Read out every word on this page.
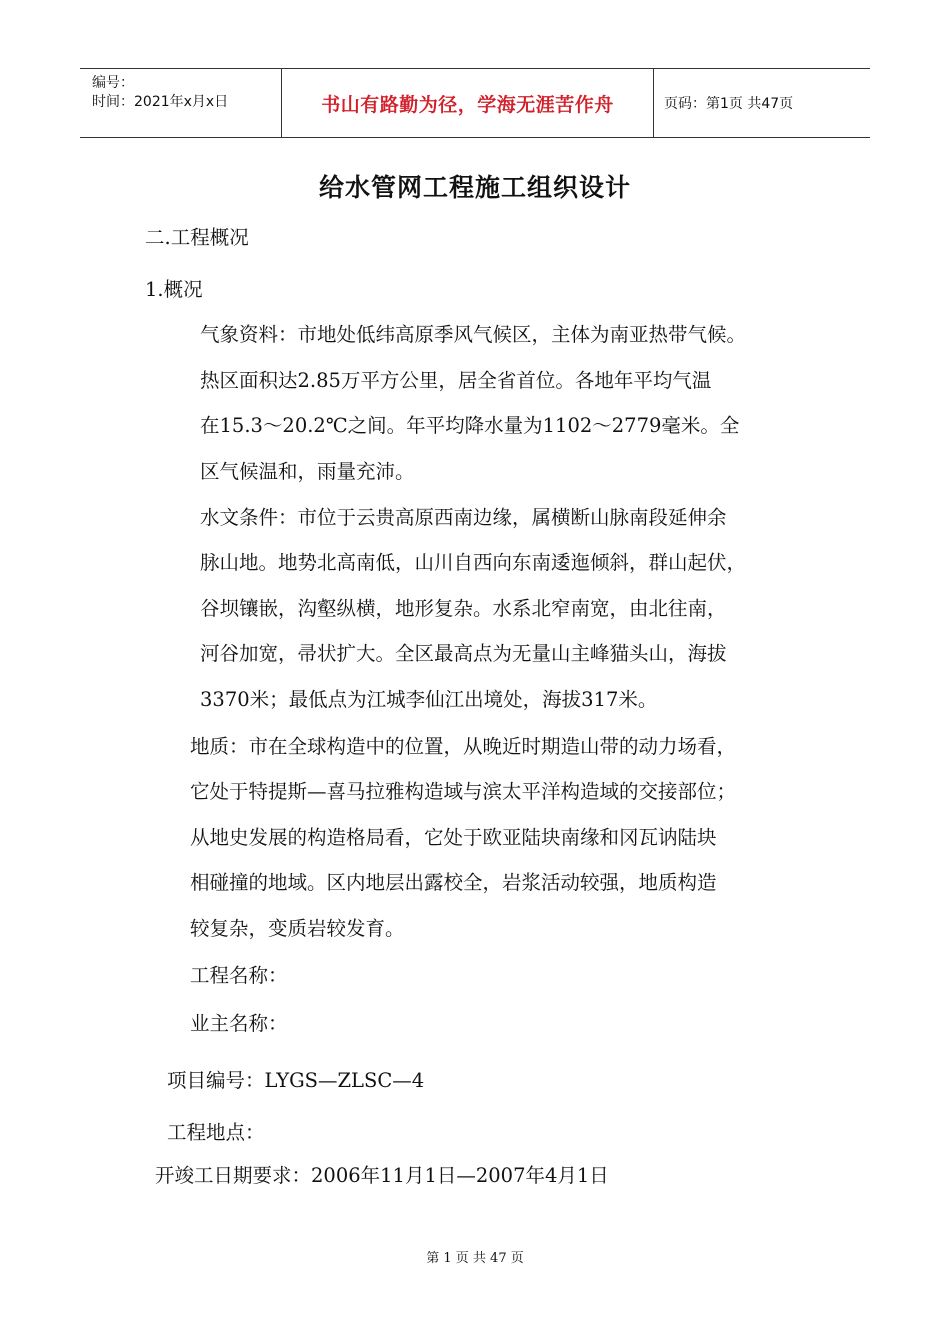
编号：
时间：2021年x月x日	书山有路勤为径，学海无涯苦作舟	页码：第1页 共47页
给水管网工程施工组织设计
二.工程概况
1.概况
气象资料：市地处低纬高原季风气候区，主体为南亚热带气候。
热区面积达2.85万平方公里，居全省首位。各地年平均气温
在15.3～20.2℃之间。年平均降水量为1102～2779毫米。全
区气候温和，雨量充沛。
水文条件：市位于云贵高原西南边缘，属横断山脉南段延伸余
脉山地。地势北高南低，山川自西向东南逶迤倾斜，群山起伏，
谷坝镶嵌，沟壑纵横，地形复杂。水系北窄南宽，由北往南，
河谷加宽，帚状扩大。全区最高点为无量山主峰猫头山，海拔
3370米；最低点为江城李仙江出境处，海拔317米。
地质：市在全球构造中的位置，从晚近时期造山带的动力场看，
它处于特提斯—喜马拉雅构造域与滨太平洋构造域的交接部位；
从地史发展的构造格局看，它处于欧亚陆块南缘和冈瓦讷陆块
相碰撞的地域。区内地层出露校全，岩浆活动较强，地质构造
较复杂，变质岩较发育。
工程名称：
业主名称：
项目编号：LYGS—ZLSC—4
工程地点：
开竣工日期要求：2006年11月1日—2007年4月1日
第 1 页 共 47 页
